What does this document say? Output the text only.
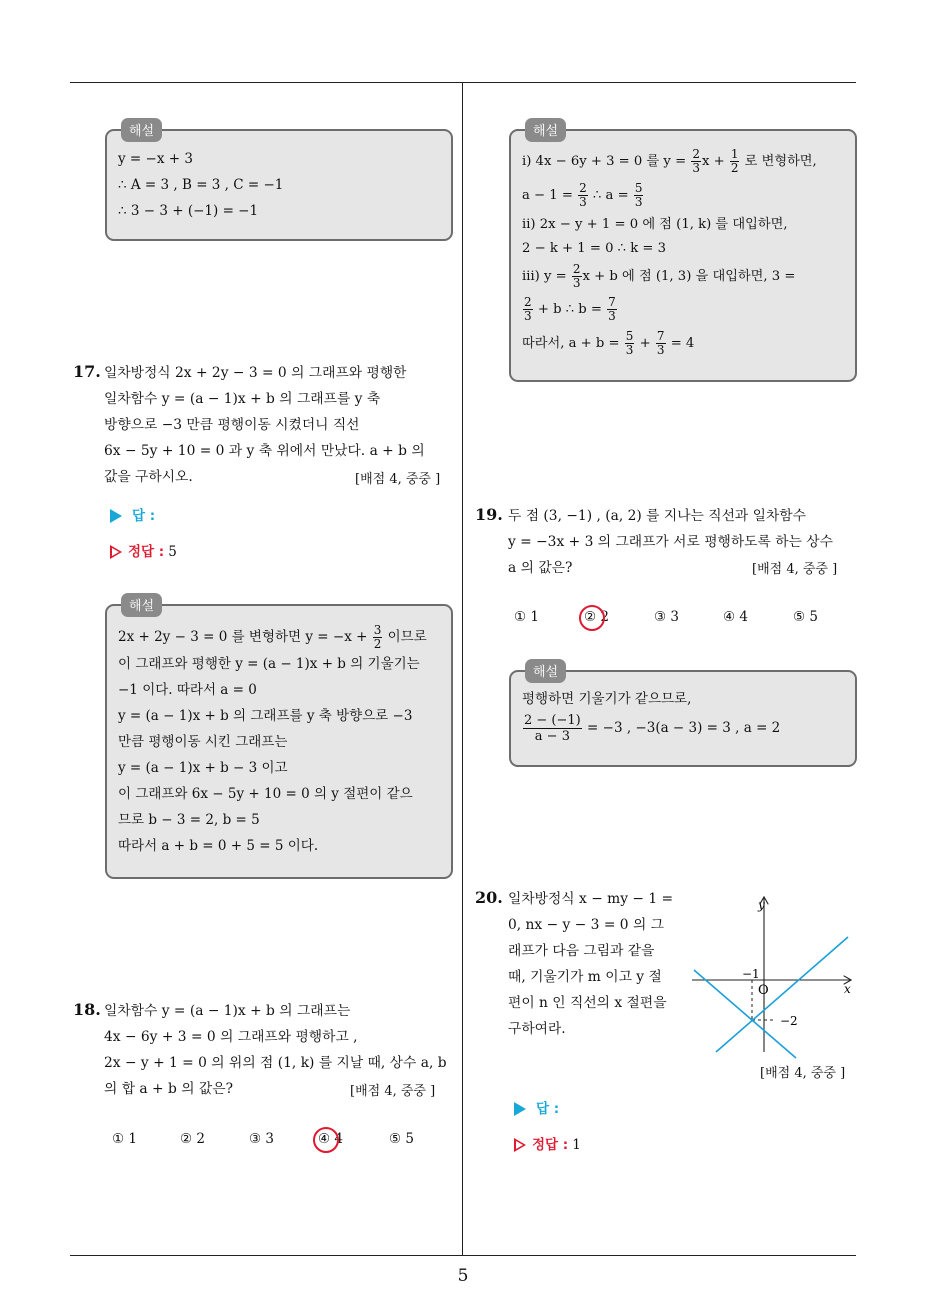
해설
y = −x + 3
∴ A = 3 , B = 3 , C = −1
∴ 3 − 3 + (−1) = −1
17. 일차방정식 2x + 2y − 3 = 0 의 그래프와 평행한
일차함수 y = (a − 1)x + b 의 그래프를 y 축
방향으로 −3 만큼 평행이동 시켰더니 직선
6x − 5y + 10 = 0 과 y 축 위에서 만났다. a + b 의
값을 구하시오.	[배점 4, 중중 ]
답 :
정답 : 5
해설
2x + 2y − 3 = 0 를 변형하면 $y = -x + \frac{3}{2}$ 이므로
이 그래프와 평행한 y = (a − 1)x + b 의 기울기는
−1 이다. 따라서 a = 0
y = (a − 1)x + b 의 그래프를 y 축 방향으로 −3
만큼 평행이동 시킨 그래프는
y = (a − 1)x + b − 3 이고
이 그래프와 6x − 5y + 10 = 0 의 y 절편이 같으
므로 b − 3 = 2, b = 5
따라서 a + b = 0 + 5 = 5 이다.
18. 일차함수 y = (a − 1)x + b 의 그래프는
4x − 6y + 3 = 0 의 그래프와 평행하고 ,
2x − y + 1 = 0 의 위의 점 (1, k) 를 지날 때, 상수 a, b
의 합 a + b 의 값은?	[배점 4, 중중 ]
① 1	② 2	③ 3	④ 4	⑤ 5
해설
ⅰ) 4x − 6y + 3 = 0 를 $y = \frac{2}{3}$ $x + \frac{1}{2}$ 로 변형하면,
$a - 1 = \frac{2}{3}$ ∴ $a = \frac{5}{3}$
ⅱ) 2x − y + 1 = 0 에 점 (1, k) 를 대입하면,
2 − k + 1 = 0 ∴ k = 3
ⅲ) $y = \frac{2}{3}$ x + b 에 점 (1, 3) 을 대입하면, 3 =
$\frac{2}{3} + b$ ∴ $b = \frac{7}{3}$
따라서, $a + b = \frac{5}{3} + \frac{7}{3} = 4$
19. 두 점 (3, −1) , (a, 2) 를 지나는 직선과 일차함수
y = −3x + 3 의 그래프가 서로 평행하도록 하는 상수
a 의 값은?	[배점 4, 중중 ]
① 1	② 2	③ 3	④ 4	⑤ 5
해설
평행하면 기울기가 같으므로,
$\frac{2 - (-1)}{a - 3} = -3$ , −3(a − 3) = 3 , a = 2
20. 일차방정식 x − my − 1 =
0, nx − y − 3 = 0 의 그
래프가 다음 그림과 같을
때, 기울기가 m 이고 y 절
편이 n 인 직선의 x 절편을
구하여라.
x
y
O
−1
−2
[배점 4, 중중 ]
답 :
정답 : 1
5
